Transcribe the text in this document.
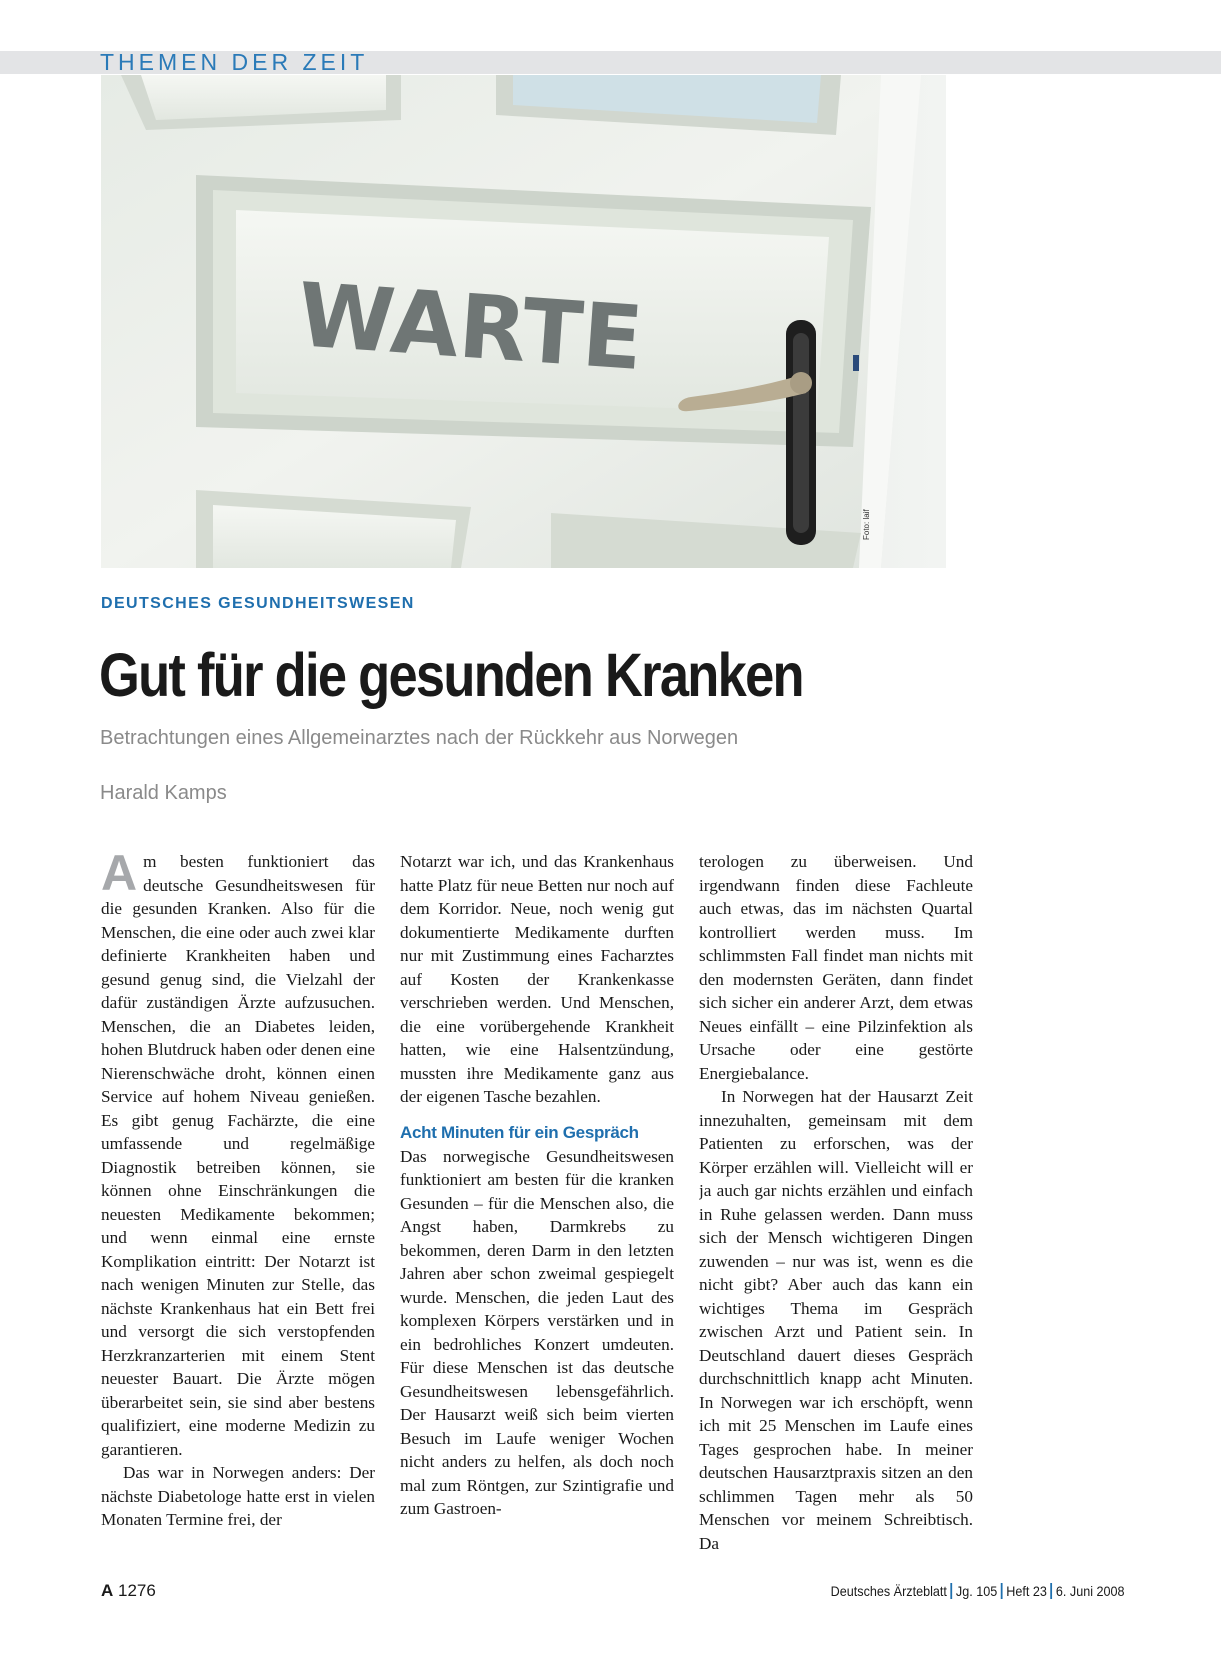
THEMEN DER ZEIT
WARTE
Foto: laif
DEUTSCHES GESUNDHEITSWESEN
Gut für die gesunden Kranken
Betrachtungen eines Allgemeinarztes nach der Rückkehr aus Norwegen
Harald Kamps

Am besten funktioniert das deutsche Gesundheitswesen für die gesunden Kranken. Also für die Menschen, die eine oder auch zwei klar definierte Krankheiten haben und gesund genug sind, die Vielzahl der dafür zuständigen Ärzte aufzusuchen. Menschen, die an Diabetes leiden, hohen Blutdruck haben oder denen eine Nierenschwäche droht, können einen Service auf hohem Niveau genießen. Es gibt genug Fachärzte, die eine umfassende und regelmäßige Diagnostik betreiben können, sie können ohne Einschränkungen die neuesten Medikamente bekommen; und wenn einmal eine ernste Komplikation eintritt: Der Notarzt ist nach wenigen Minuten zur Stelle, das nächste Krankenhaus hat ein Bett frei und versorgt die sich verstopfenden Herzkranzarterien mit einem Stent neuester Bauart. Die Ärzte mögen überarbeitet sein, sie sind aber bestens qualifiziert, eine moderne Medizin zu garantieren.

Das war in Norwegen anders: Der nächste Diabetologe hatte erst in vielen Monaten Termine frei, der

Notarzt war ich, und das Krankenhaus hatte Platz für neue Betten nur noch auf dem Korridor. Neue, noch wenig gut dokumentierte Medikamente durften nur mit Zustimmung eines Facharztes auf Kosten der Krankenkasse verschrieben werden. Und Menschen, die eine vorübergehende Krankheit hatten, wie eine Halsentzündung, mussten ihre Medikamente ganz aus der eigenen Tasche bezahlen.

Acht Minuten für ein Gespräch

Das norwegische Gesundheitswesen funktioniert am besten für die kranken Gesunden – für die Menschen also, die Angst haben, Darmkrebs zu bekommen, deren Darm in den letzten Jahren aber schon zweimal gespiegelt wurde. Menschen, die jeden Laut des komplexen Körpers verstärken und in ein bedrohliches Konzert umdeuten. Für diese Menschen ist das deutsche Gesundheitswesen lebensgefährlich. Der Hausarzt weiß sich beim vierten Besuch im Laufe weniger Wochen nicht anders zu helfen, als doch noch mal zum Röntgen, zur Szintigrafie und zum Gastroen-

terologen zu überweisen. Und irgendwann finden diese Fachleute auch etwas, das im nächsten Quartal kontrolliert werden muss. Im schlimmsten Fall findet man nichts mit den modernsten Geräten, dann findet sich sicher ein anderer Arzt, dem etwas Neues einfällt – eine Pilzinfektion als Ursache oder eine gestörte Energiebalance.

In Norwegen hat der Hausarzt Zeit innezuhalten, gemeinsam mit dem Patienten zu erforschen, was der Körper erzählen will. Vielleicht will er ja auch gar nichts erzählen und einfach in Ruhe gelassen werden. Dann muss sich der Mensch wichtigeren Dingen zuwenden – nur was ist, wenn es die nicht gibt? Aber auch das kann ein wichtiges Thema im Gespräch zwischen Arzt und Patient sein. In Deutschland dauert dieses Gespräch durchschnittlich knapp acht Minuten. In Norwegen war ich erschöpft, wenn ich mit 25 Menschen im Laufe eines Tages gesprochen habe. In meiner deutschen Hausarztpraxis sitzen an den schlimmen Tagen mehr als 50 Menschen vor meinem Schreibtisch. Da

A 1276	Deutsches Ärzteblatt Jg. 105 Heft 23 6. Juni 2008
